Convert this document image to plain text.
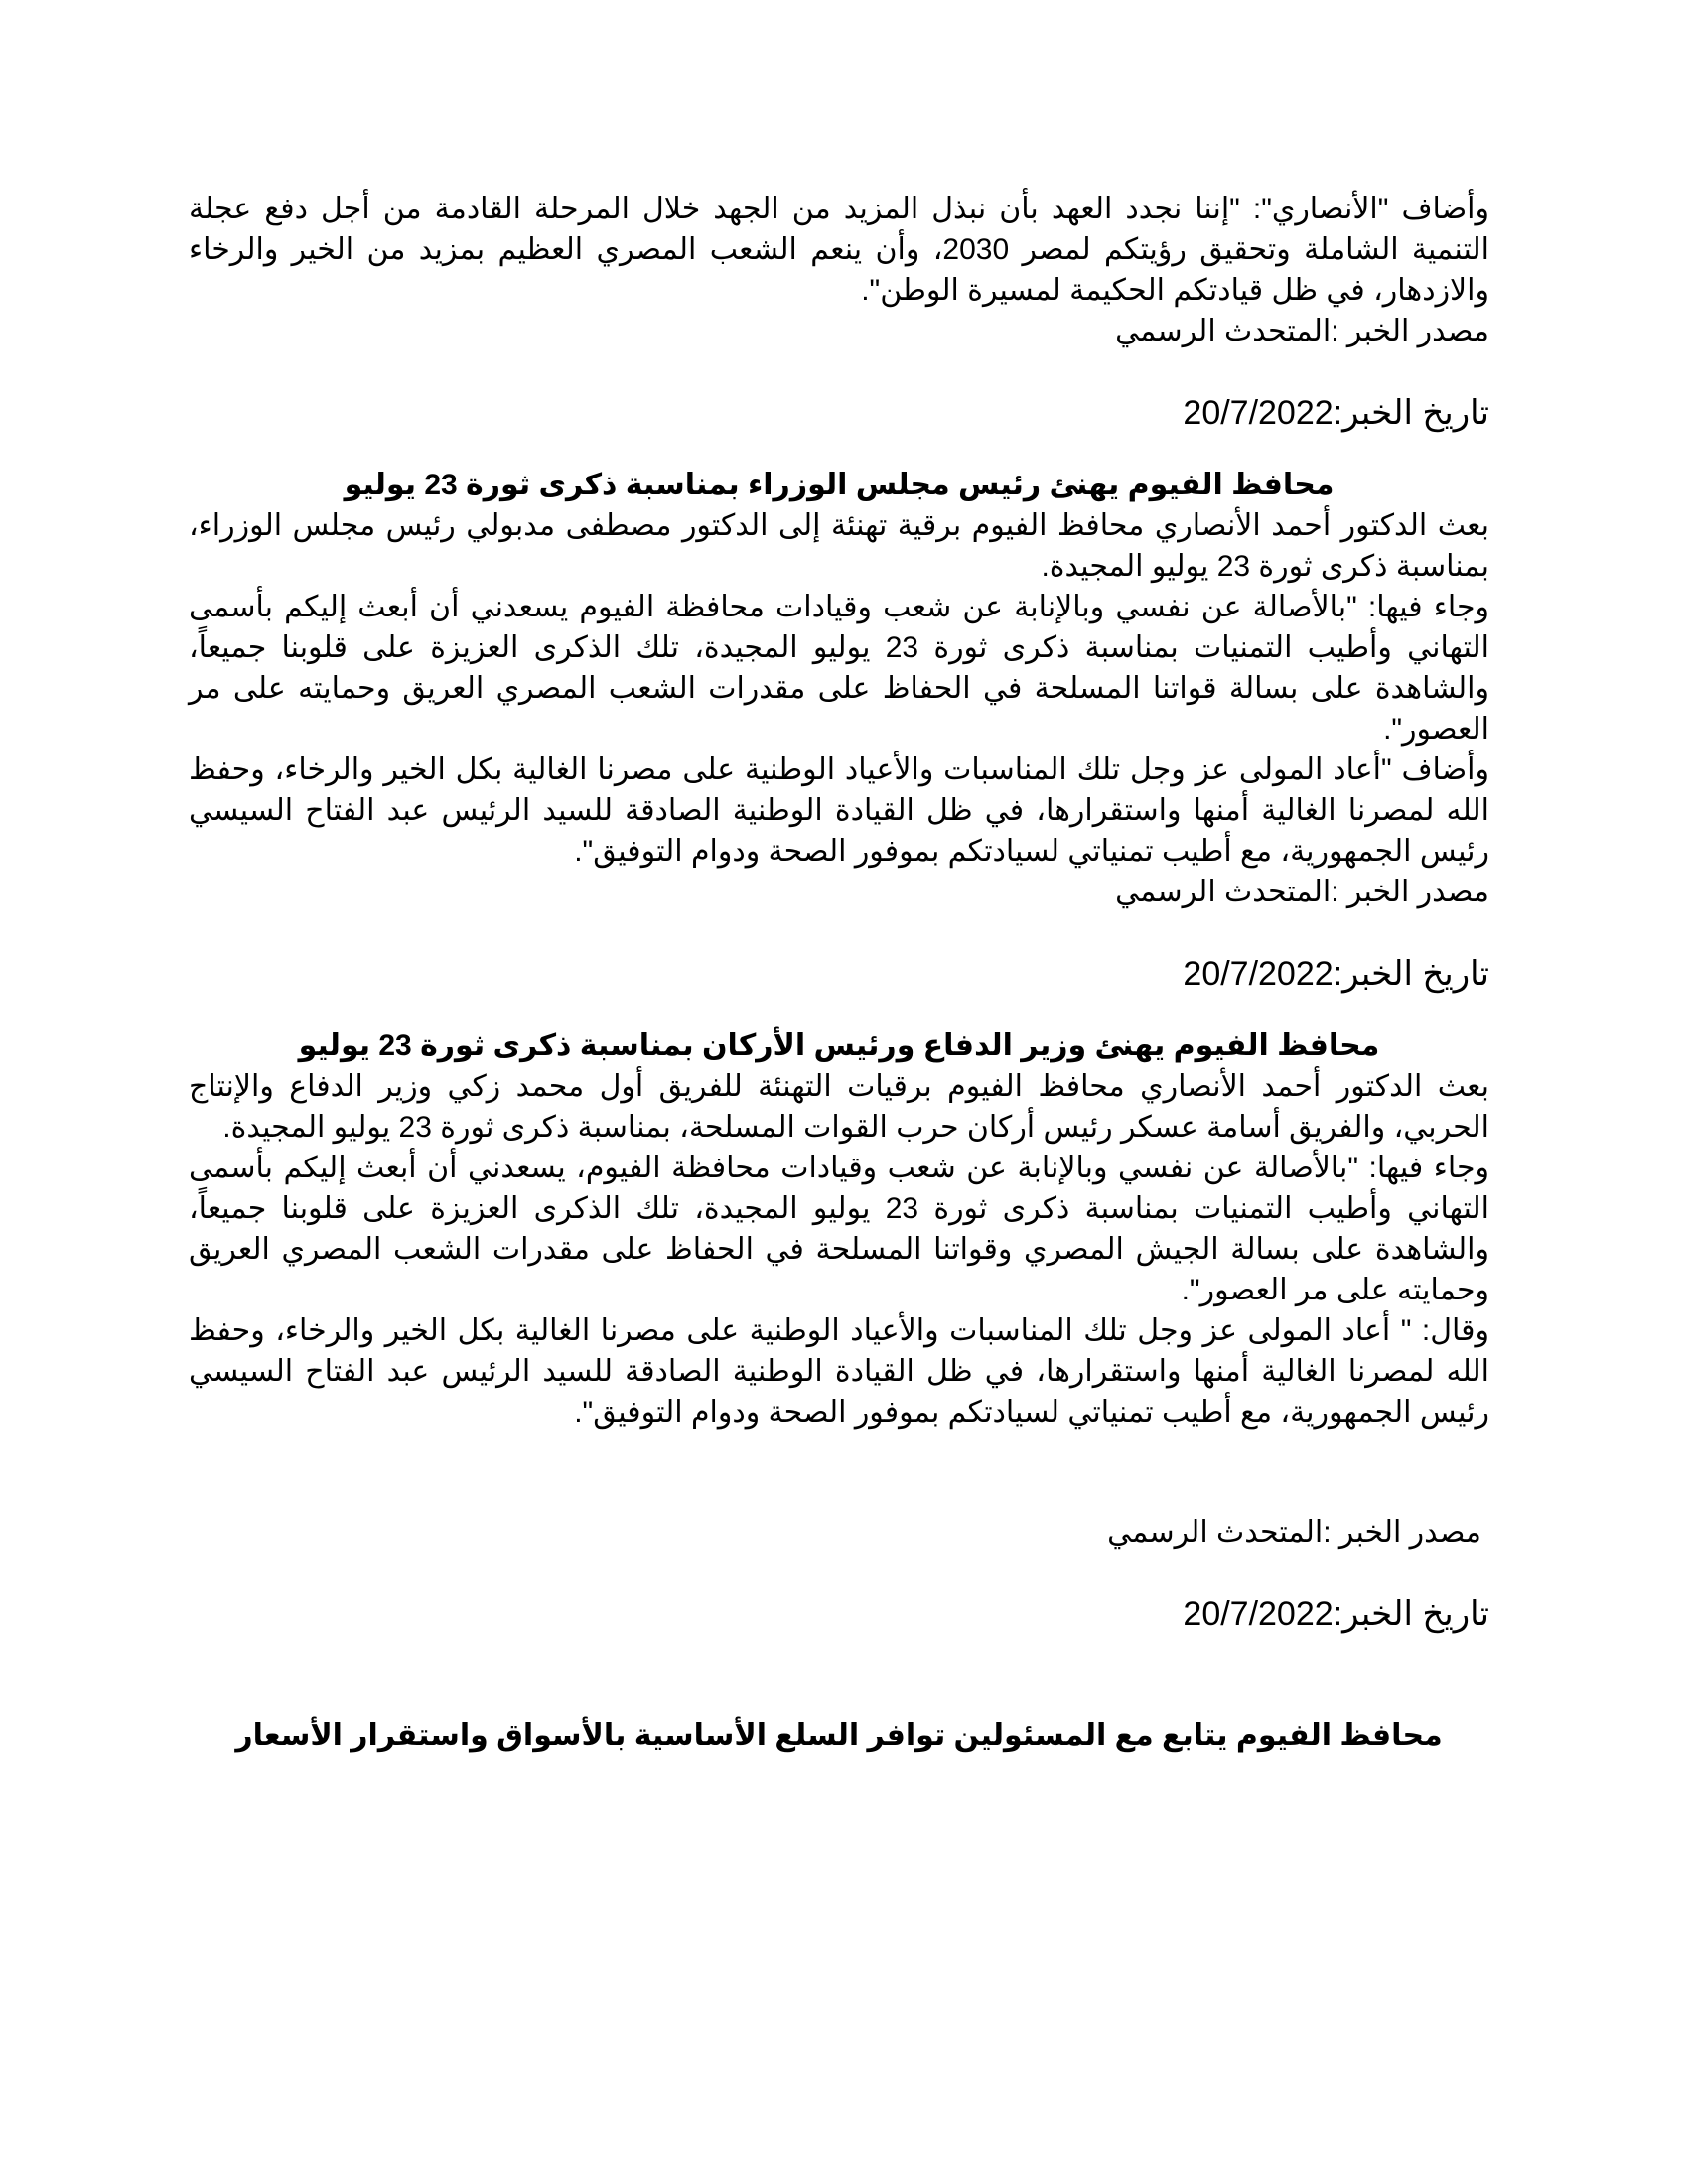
وأضاف "الأنصاري": "إننا نجدد العهد بأن نبذل المزيد من الجهد خلال المرحلة القادمة من أجل دفع عجلة التنمية الشاملة وتحقيق رؤيتكم لمصر 2030، وأن ينعم الشعب المصري العظيم بمزيد من الخير والرخاء والازدهار، في ظل قيادتكم الحكيمة لمسيرة الوطن".

مصدر الخبر :المتحدث الرسمي

تاريخ الخبر:20/7/2022

محافظ الفيوم يهنئ رئيس مجلس الوزراء بمناسبة ذكرى ثورة 23 يوليو

بعث الدكتور أحمد الأنصاري محافظ الفيوم برقية تهنئة إلى الدكتور مصطفى مدبولي رئيس مجلس الوزراء، بمناسبة ذكرى ثورة 23 يوليو المجيدة.

وجاء فيها: "بالأصالة عن نفسي وبالإنابة عن شعب وقيادات محافظة الفيوم يسعدني أن أبعث إليكم بأسمى التهاني وأطيب التمنيات بمناسبة ذكرى ثورة 23 يوليو المجيدة، تلك الذكرى العزيزة على قلوبنا جميعاً، والشاهدة على بسالة قواتنا المسلحة في الحفاظ على مقدرات الشعب المصري العريق وحمايته على مر العصور".

وأضاف "أعاد المولى عز وجل تلك المناسبات والأعياد الوطنية على مصرنا الغالية بكل الخير والرخاء، وحفظ الله لمصرنا الغالية أمنها واستقرارها، في ظل القيادة الوطنية الصادقة للسيد الرئيس عبد الفتاح السيسي رئيس الجمهورية، مع أطيب تمنياتي لسيادتكم بموفور الصحة ودوام التوفيق".

مصدر الخبر :المتحدث الرسمي

تاريخ الخبر:20/7/2022

محافظ الفيوم يهنئ وزير الدفاع ورئيس الأركان بمناسبة ذكرى ثورة 23 يوليو

بعث الدكتور أحمد الأنصاري محافظ الفيوم برقيات التهنئة للفريق أول محمد زكي وزير الدفاع والإنتاج الحربي، والفريق أسامة عسكر رئيس أركان حرب القوات المسلحة، بمناسبة ذكرى ثورة 23 يوليو المجيدة.

وجاء فيها: "بالأصالة عن نفسي وبالإنابة عن شعب وقيادات محافظة الفيوم، يسعدني أن أبعث إليكم بأسمى التهاني وأطيب التمنيات بمناسبة ذكرى ثورة 23 يوليو المجيدة، تلك الذكرى العزيزة على قلوبنا جميعاً، والشاهدة على بسالة الجيش المصري وقواتنا المسلحة في الحفاظ على مقدرات الشعب المصري العريق وحمايته على مر العصور".

وقال: " أعاد المولى عز وجل تلك المناسبات والأعياد الوطنية على مصرنا الغالية بكل الخير والرخاء، وحفظ الله لمصرنا الغالية أمنها واستقرارها، في ظل القيادة الوطنية الصادقة للسيد الرئيس عبد الفتاح السيسي رئيس الجمهورية، مع أطيب تمنياتي لسيادتكم بموفور الصحة ودوام التوفيق".

مصدر الخبر :المتحدث الرسمي

تاريخ الخبر:20/7/2022

محافظ الفيوم يتابع مع المسئولين توافر السلع الأساسية بالأسواق واستقرار الأسعار
